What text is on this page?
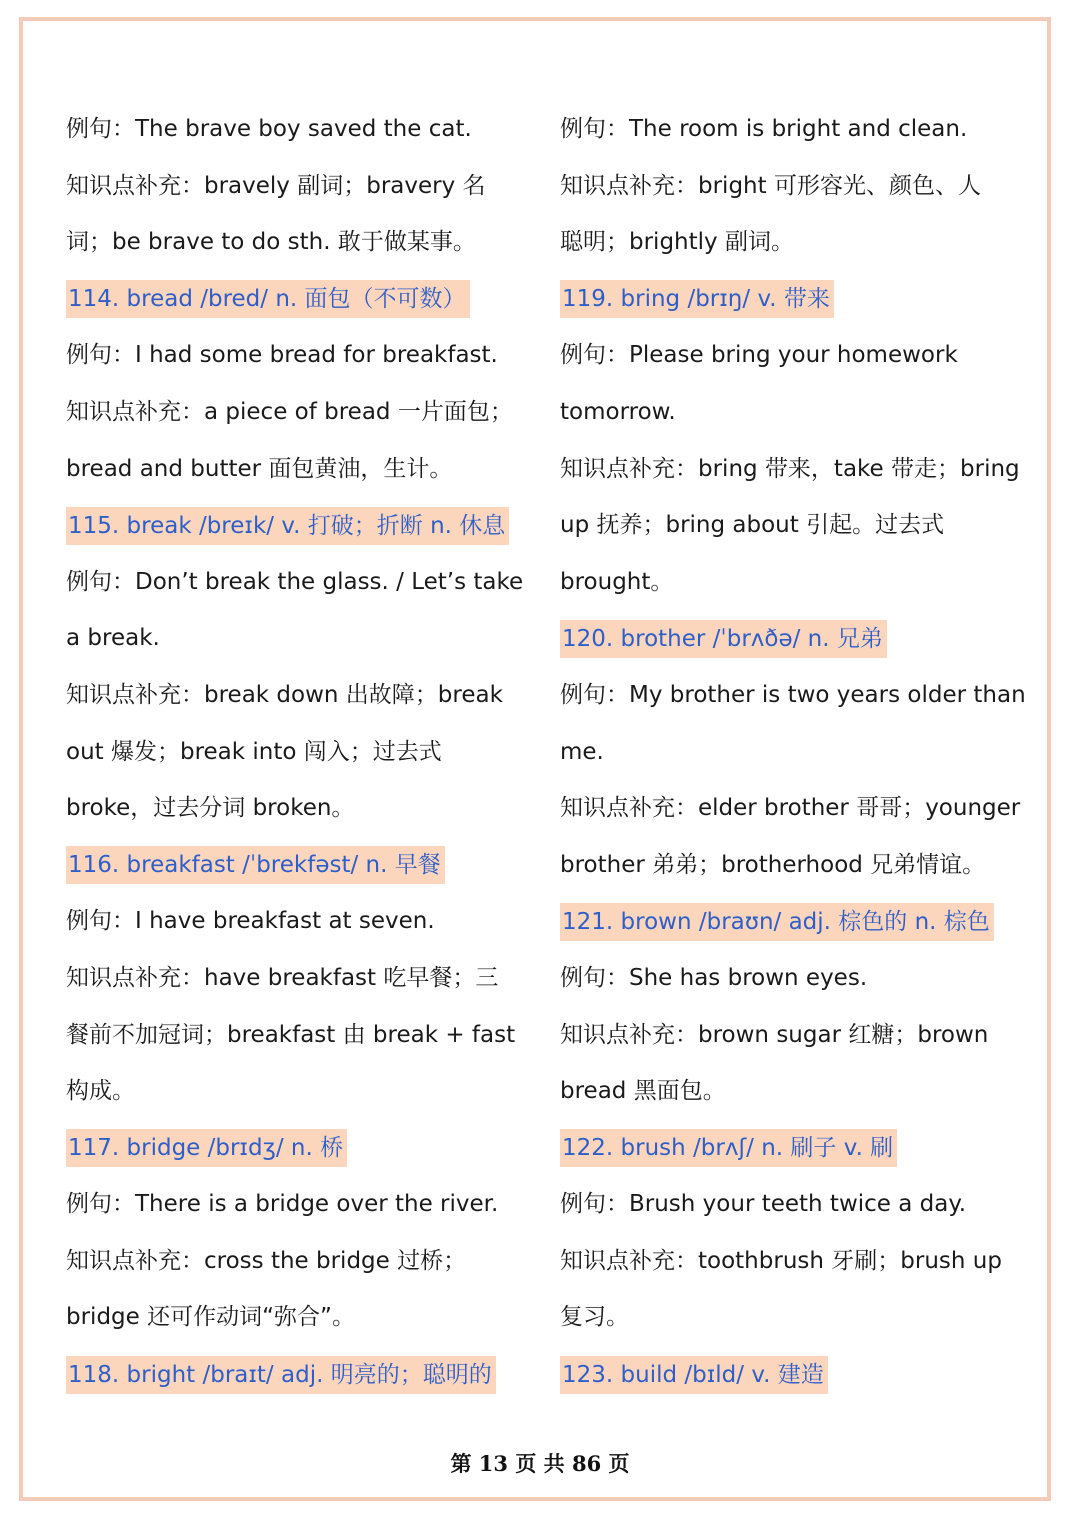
例句：The brave boy saved the cat.
知识点补充：bravely 副词；bravery 名
词；be brave to do sth. 敢于做某事。
114. bread /bred/ n. 面包（不可数）
例句：I had some bread for breakfast.
知识点补充：a piece of bread 一片面包；
bread and butter 面包黄油，生计。
115. break /breɪk/ v. 打破；折断 n. 休息
例句：Don’t break the glass. / Let’s take
a break.
知识点补充：break down 出故障；break
out 爆发；break into 闯入；过去式
broke，过去分词 broken。
116. breakfast /ˈbrekfəst/ n. 早餐
例句：I have breakfast at seven.
知识点补充：have breakfast 吃早餐；三
餐前不加冠词；breakfast 由 break + fast
构成。
117. bridge /brɪdʒ/ n. 桥
例句：There is a bridge over the river.
知识点补充：cross the bridge 过桥；
bridge 还可作动词“弥合”。
118. bright /braɪt/ adj. 明亮的；聪明的
例句：The room is bright and clean.
知识点补充：bright 可形容光、颜色、人
聪明；brightly 副词。
119. bring /brɪŋ/ v. 带来
例句：Please bring your homework
tomorrow.
知识点补充：bring 带来，take 带走；bring
up 抚养；bring about 引起。过去式
brought。
120. brother /ˈbrʌðə/ n. 兄弟
例句：My brother is two years older than
me.
知识点补充：elder brother 哥哥；younger
brother 弟弟；brotherhood 兄弟情谊。
121. brown /braʊn/ adj. 棕色的 n. 棕色
例句：She has brown eyes.
知识点补充：brown sugar 红糖；brown
bread 黑面包。
122. brush /brʌʃ/ n. 刷子 v. 刷
例句：Brush your teeth twice a day.
知识点补充：toothbrush 牙刷；brush up
复习。
123. build /bɪld/ v. 建造
第 13 页 共 86 页
